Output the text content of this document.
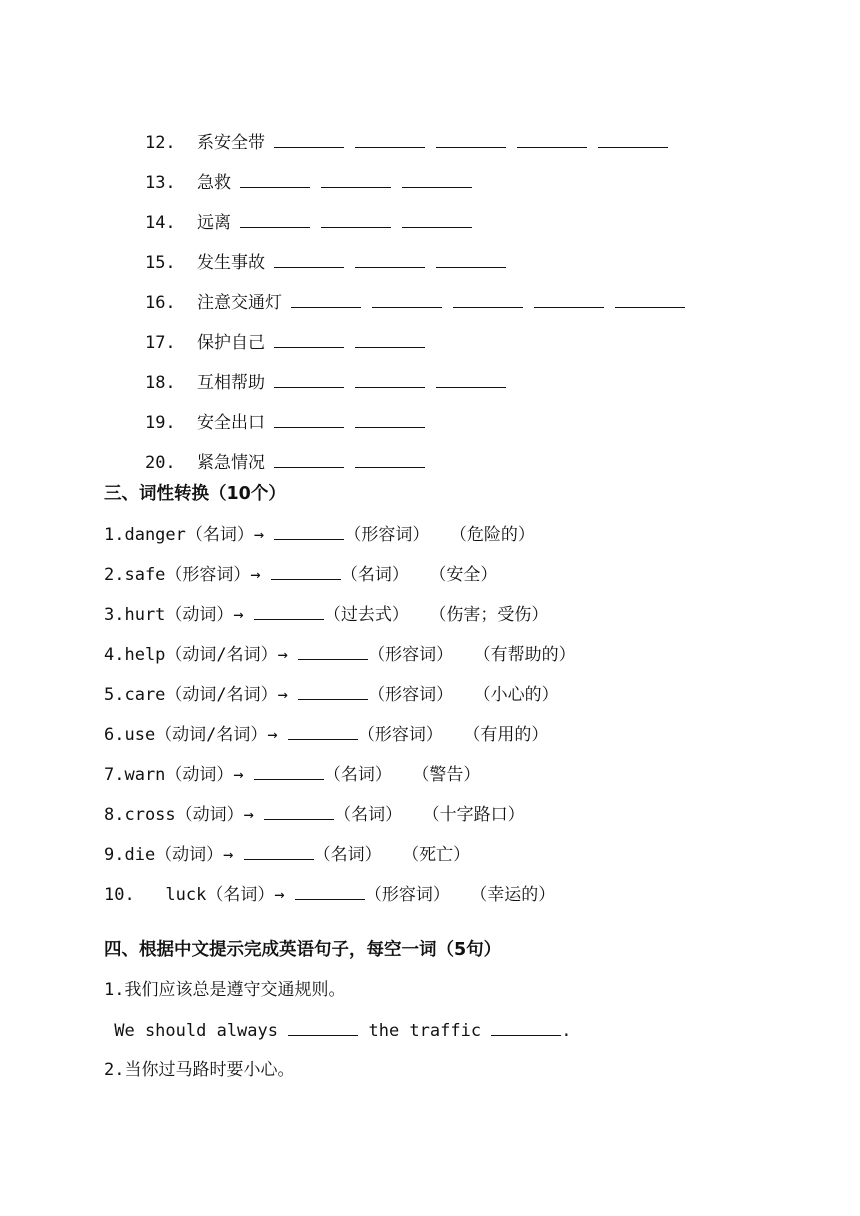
12. 系安全带

13. 急救

14. 远离

15. 发生事故

16. 注意交通灯

17. 保护自己

18. 互相帮助

19. 安全出口

20. 紧急情况

三、词性转换（10个）
1.danger（名词）→	（形容词）  （危险的）
2.safe（形容词）→	（名词）  （安全）
3.hurt（动词）→	（过去式）  （伤害；受伤）
4.help（动词/名词）→	（形容词）  （有帮助的）
5.care（动词/名词）→	（形容词）  （小心的）
6.use（动词/名词）→	（形容词）  （有用的）
7.warn（动词）→	（名词）  （警告）
8.cross（动词）→	（名词）  （十字路口）
9.die（动词）→	（名词）  （死亡）
10.   luck（名词）→	（形容词）  （幸运的）
四、根据中文提示完成英语句子，每空一词（5句）
1.我们应该总是遵守交通规则。
We should always	the traffic	.
2.当你过马路时要小心。
